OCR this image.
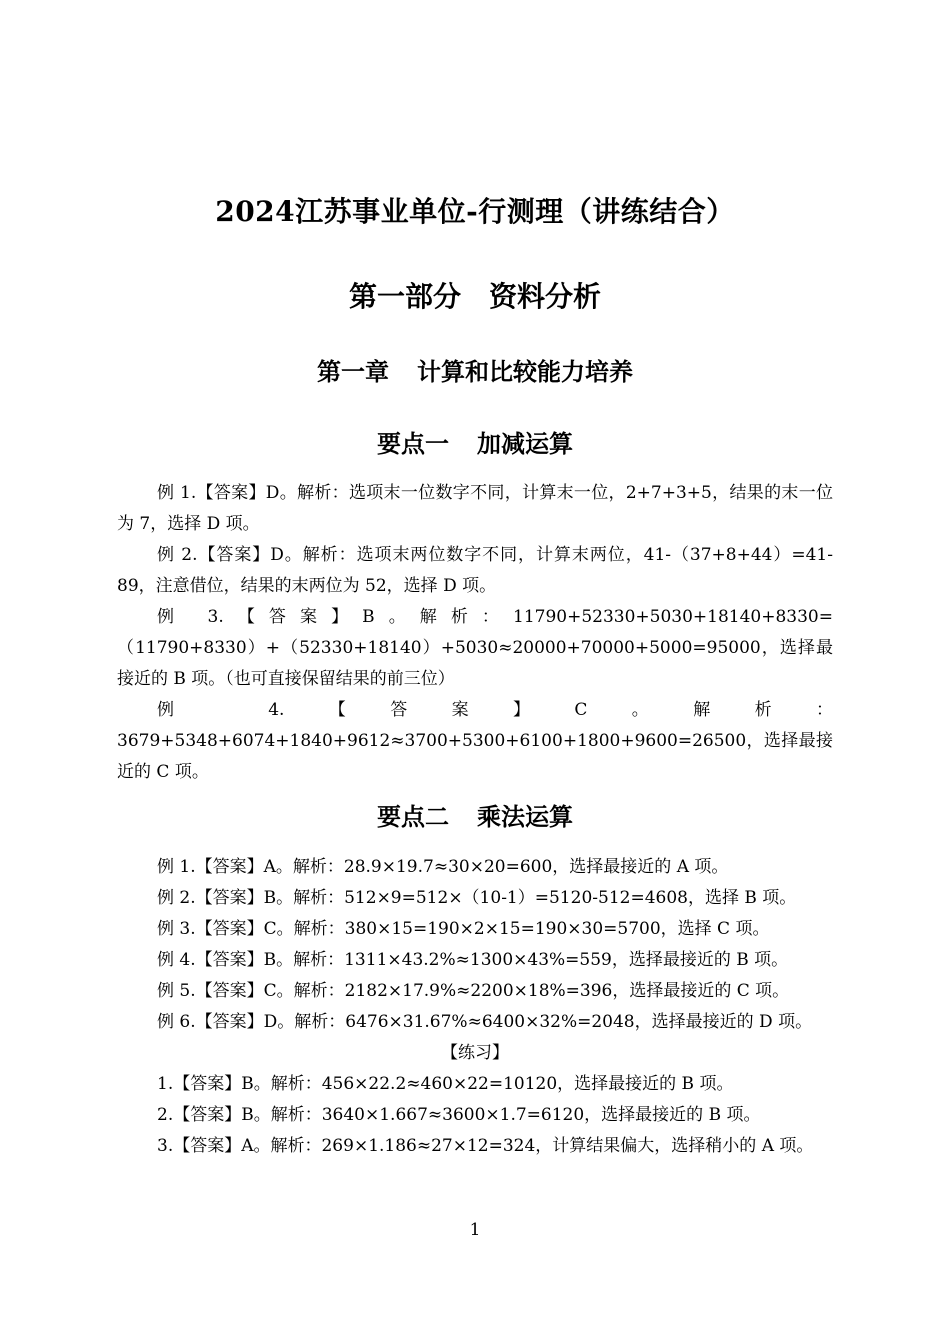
2024江苏事业单位-行测理（讲练结合）
第一部分 资料分析
第一章 计算和比较能力培养
要点一 加减运算

例 1.【答案】D。解析：选项末一位数字不同，计算末一位，2+7+3+5，结果的末一位为 7，选择 D 项。

例 2.【答案】D。解析：选项末两位数字不同，计算末两位，41-（37+8+44）=41-89，注意借位，结果的末两位为 52，选择 D 项。

例 3.【答案】B。解析：11790+52330+5030+18140+8330=（11790+8330）+（52330+18140）+5030≈20000+70000+5000=95000，选择最接近的 B 项。（也可直接保留结果的前三位）

例 4.【答案】C。解析：3679+5348+6074+1840+9612≈3700+5300+6100+1800+9600=26500，选择最接近的 C 项。

要点二 乘法运算

例 1.【答案】A。解析：28.9×19.7≈30×20=600，选择最接近的 A 项。

例 2.【答案】B。解析：512×9=512×（10-1）=5120-512=4608，选择 B 项。

例 3.【答案】C。解析：380×15=190×2×15=190×30=5700，选择 C 项。

例 4.【答案】B。解析：1311×43.2%≈1300×43%=559，选择最接近的 B 项。

例 5.【答案】C。解析：2182×17.9%≈2200×18%=396，选择最接近的 C 项。

例 6.【答案】D。解析：6476×31.67%≈6400×32%=2048，选择最接近的 D 项。

【练习】

1.【答案】B。解析：456×22.2≈460×22=10120，选择最接近的 B 项。

2.【答案】B。解析：3640×1.667≈3600×1.7=6120，选择最接近的 B 项。

3.【答案】A。解析：269×1.186≈27×12=324，计算结果偏大，选择稍小的 A 项。

1
